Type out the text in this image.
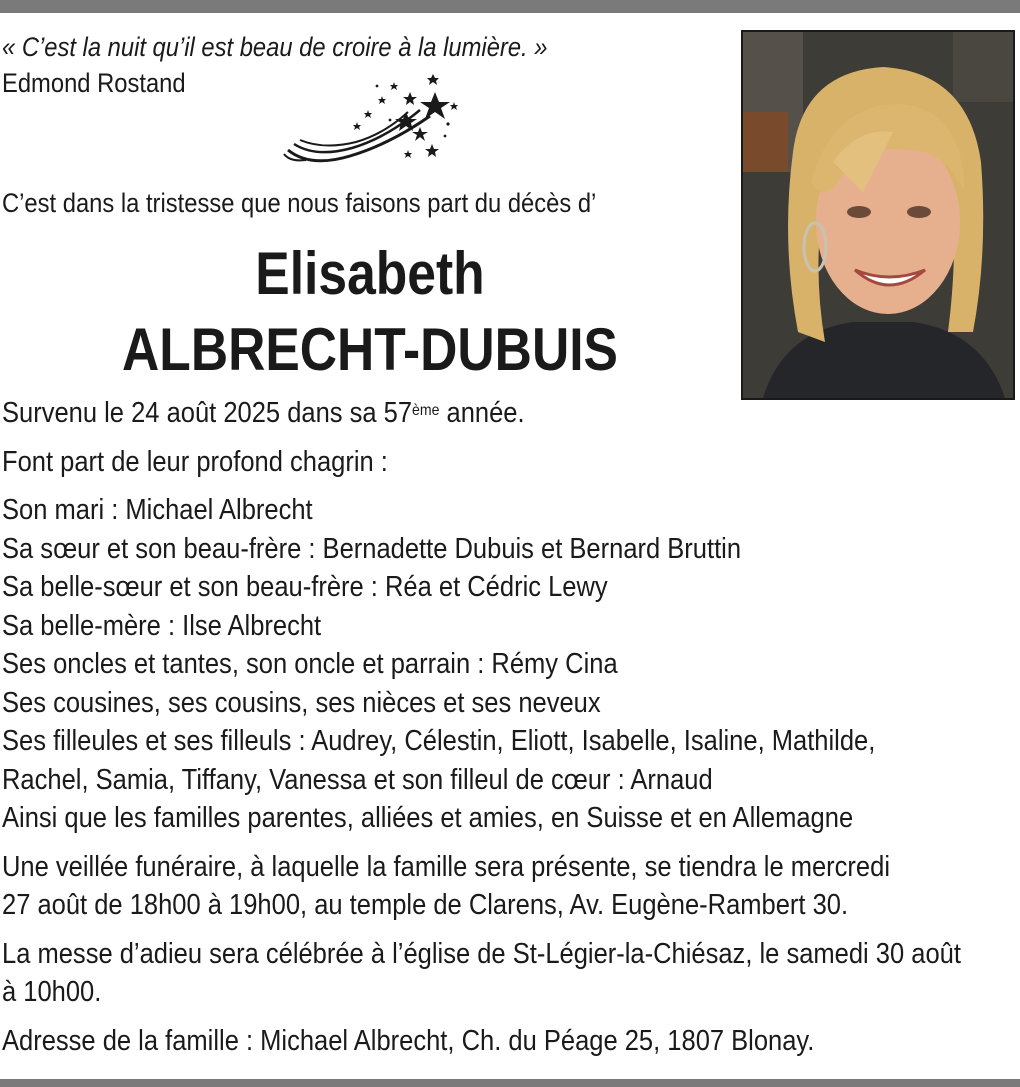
« C’est la nuit qu’il est beau de croire à la lumière. »
Edmond Rostand
C’est dans la tristesse que nous faisons part du décès d’
Elisabeth
ALBRECHT-DUBUIS

Survenu le 24 août 2025 dans sa 57ème année.

Font part de leur profond chagrin :

Son mari : Michael Albrecht

Sa sœur et son beau-frère : Bernadette Dubuis et Bernard Bruttin

Sa belle-sœur et son beau-frère : Réa et Cédric Lewy

Sa belle-mère : Ilse Albrecht

Ses oncles et tantes, son oncle et parrain : Rémy Cina

Ses cousines, ses cousins, ses nièces et ses neveux

Ses filleules et ses filleuls : Audrey, Célestin, Eliott, Isabelle, Isaline, Mathilde,

Rachel, Samia, Tiffany, Vanessa et son filleul de cœur : Arnaud

Ainsi que les familles parentes, alliées et amies, en Suisse et en Allemagne

Une veillée funéraire, à laquelle la famille sera présente, se tiendra le mercredi

27 août de 18h00 à 19h00, au temple de Clarens, Av. Eugène-Rambert 30.

La messe d’adieu sera célébrée à l’église de St-Légier-la-Chiésaz, le samedi 30 août

à 10h00.

Adresse de la famille : Michael Albrecht, Ch. du Péage 25, 1807 Blonay.
